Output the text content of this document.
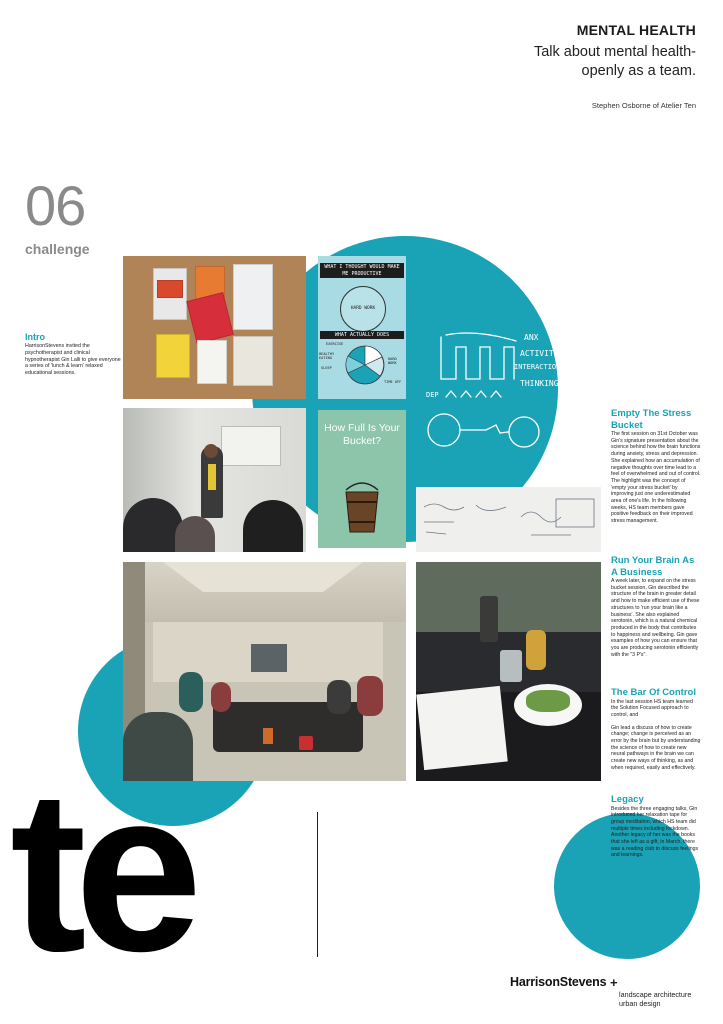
MENTAL HEALTH
Talk about mental health- openly as a team.
Stephen Osborne of Atelier Ten
06
challenge
Intro
HarrisonStevens invited the psychotherapist and clinical hypnotherapist Gin Lalli to give everyone a series of 'lunch & learn' relaxed educational sessions.
WHAT I THOUGHT WOULD MAKE ME PRODUCTIVE
HARD WORK
WHAT ACTUALLY DOES
EXERCISE
HEALTHY EATING
SLEEP
HARD WORK
TIME OFF
ANX
ACTIVITY
INTERACTIONS
THINKING
DEP
How Full Is Your Bucket?
Empty The Stress Bucket
The first session on 31st October was Gin's signature presentation about the science behind how the brain functions during anxiety, stress and depression. She explained how an accumulation of negative thoughts over time lead to a feel of overwhelmed and out of control. The highlight was the concept of 'empty your stress bucket' by improving just one underestimated area of one's life. In the following weeks, HS team members gave positive feedback on their improved stress management.
Run Your Brain As A Business
A week later, to expand on the stress bucket session, Gin described the structure of the brain in greater detail and how to make efficient use of these structures to 'run your brain like a business'. She also explained serotonin, which is a natural chemical produced in the body that contributes to happiness and wellbeing. Gin gave examples of how you can ensure that you are producing serotonin efficiently with the "3 P's".
The Bar Of Control
In the last session HS team learned the Solution Focused approach to control, and
Gin lead a discuss of how to create change; change is perceived as an error by the brain but by understanding the science of how to create new neural pathways in the brain we can create new ways of thinking, as and when required, easily and effectively.
Legacy
Besides the three engaging talks, Gin introduced her relaxation tape for group meditation, which HS team did multiple times including lockdown. Another legacy of her was the books that she left as a gift, in March, there was a reading club to discuss feelings and learnings.
te	HarrisonStevens +
landscape architecture
urban design
